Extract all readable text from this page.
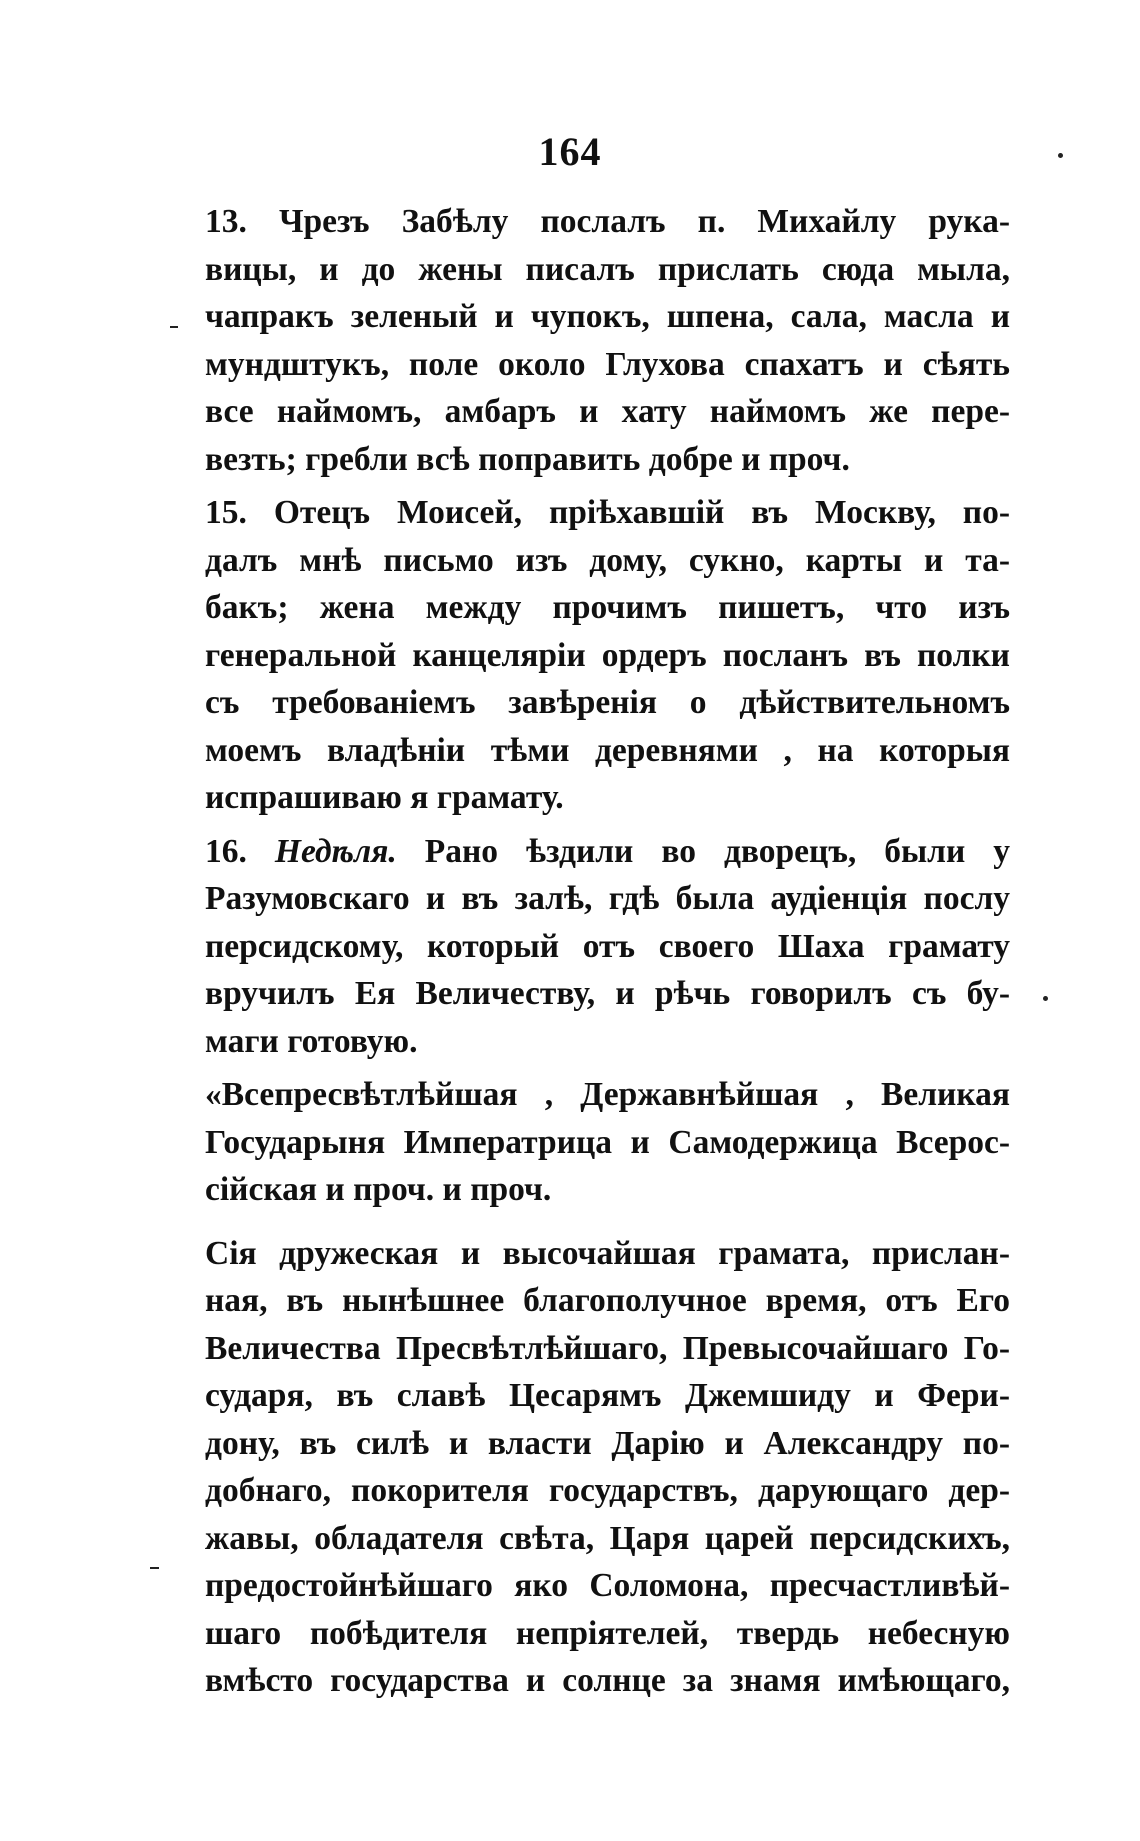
164
13. Чрезъ Забѣлу послалъ п. Михайлу рука-
вицы, и до жены писалъ прислать сюда мыла,
чапракъ зеленый и чупокъ, шпена, сала, масла и
мундштукъ, поле около Глухова спахатъ и сѣять
все наймомъ, амбаръ и хату наймомъ же пере-
везть; гребли всѣ поправить добре и проч.
15. Отецъ Моисей, пріѣхавшій въ Москву, по-
далъ мнѣ письмо изъ дому, сукно, карты и та-
бакъ; жена между прочимъ пишетъ, что изъ
генеральной канцеляріи ордеръ посланъ въ полки
съ требованіемъ завѣренія о дѣйствительномъ
моемъ владѣніи тѣми деревнями , на которыя
испрашиваю я грамату.
16. Недѣля. Рано ѣздили во дворецъ, были у
Разумовскаго и въ залѣ, гдѣ была аудіенція послу
персидскому, который отъ своего Шаха грамату
вручилъ Ея Величеству, и рѣчь говорилъ съ бу-
маги готовую.
«Всепресвѣтлѣйшая , Державнѣйшая , Великая
Государыня Императрица и Самодержица Всерос-
сійская и проч. и проч.
Сія дружеская и высочайшая грамата, прислан-
ная, въ нынѣшнее благополучное время, отъ Его
Величества Пресвѣтлѣйшаго, Превысочайшаго Го-
сударя, въ славѣ Цесарямъ Джемшиду и Фери-
дону, въ силѣ и власти Дарію и Александру по-
добнаго, покорителя государствъ, дарующаго дер-
жавы, обладателя свѣта, Царя царей персидскихъ,
предостойнѣйшаго яко Соломона, пресчастливѣй-
шаго побѣдителя непріятелей, твердь небесную
вмѣсто государства и солнце за знамя имѣющаго,
